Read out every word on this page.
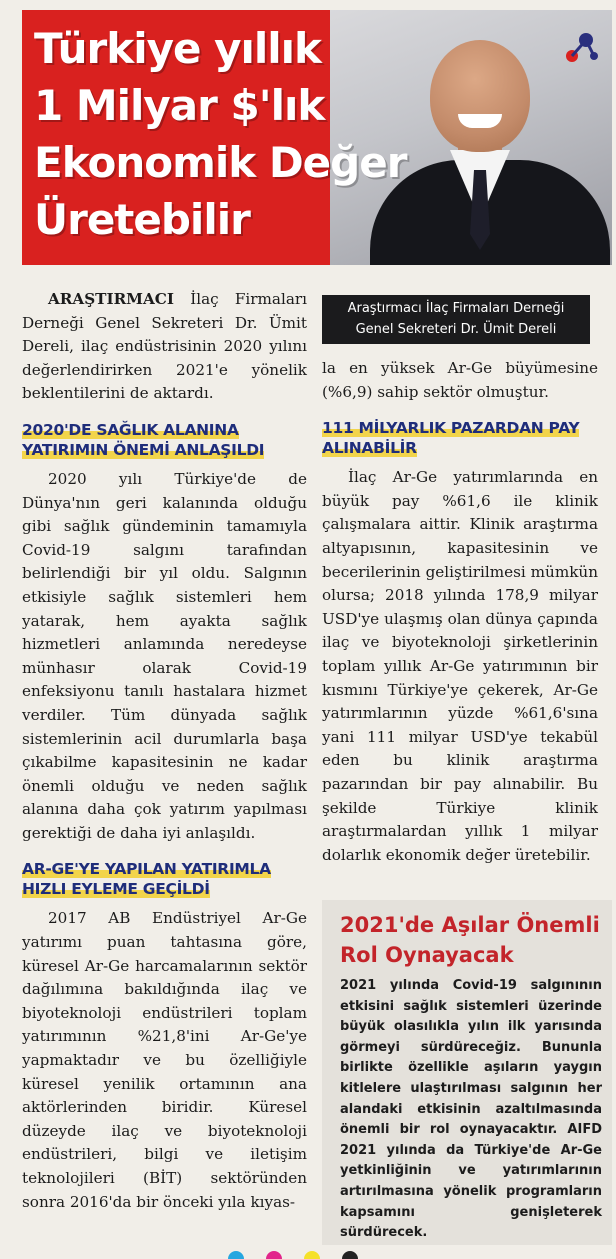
Türkiye yıllık
1 Milyar $'lık
Ekonomik Değer
Üretebilir
Araştırmacı İlaç Firmaları Derneği
Genel Sekreteri Dr. Ümit Dereli

ARAŞTIRMACI İlaç Firmaları Derneği Genel Sekreteri Dr. Ümit Dereli, ilaç endüstrisinin 2020 yılını değerlendirirken 2021'e yönelik beklentilerini de aktardı.

2020'DE SAĞLIK ALANINA YATIRIMIN ÖNEMİ ANLAŞILDI

2020 yılı Türkiye'de de Dünya'nın geri kalanında olduğu gibi sağlık gündeminin tamamıyla Covid-19 salgını tarafından belirlendiği bir yıl oldu. Salgının etkisiyle sağlık sistemleri hem yatarak, hem ayakta sağlık hizmetleri anlamında neredeyse münhasır olarak Covid-19 enfeksiyonu tanılı hastalara hizmet verdiler. Tüm dünyada sağlık sistemlerinin acil durumlarla başa çıkabilme kapasitesinin ne kadar önemli olduğu ve neden sağlık alanına daha çok yatırım yapılması gerektiği de daha iyi anlaşıldı.

AR-GE'YE YAPILAN YATIRIMLA HIZLI EYLEME GEÇİLDİ

2017 AB Endüstriyel Ar-Ge yatırımı puan tahtasına göre, küresel Ar-Ge harcamalarının sektör dağılımına bakıldığında ilaç ve biyoteknoloji endüstrileri toplam yatırımının %21,8'ini Ar-Ge'ye yapmaktadır ve bu özelliğiyle küresel yenilik ortamının ana aktörlerinden biridir. Küresel düzeyde ilaç ve biyoteknoloji endüstrileri, bilgi ve iletişim teknolojileri (BİT) sektöründen sonra 2016'da bir önceki yıla kıyas-

la en yüksek Ar-Ge büyümesine (%6,9) sahip sektör olmuştur.

111 MİLYARLIK PAZARDAN PAY ALINABİLİR

İlaç Ar-Ge yatırımlarında en büyük pay %61,6 ile klinik çalışmalara aittir. Klinik araştırma altyapısının, kapasitesinin ve becerilerinin geliştirilmesi mümkün olursa; 2018 yılında 178,9 milyar USD'ye ulaşmış olan dünya çapında ilaç ve biyoteknoloji şirketlerinin toplam yıllık Ar-Ge yatırımının bir kısmını Türkiye'ye çekerek, Ar-Ge yatırımlarının yüzde %61,6'sına yani 111 milyar USD'ye tekabül eden bu klinik araştırma pazarından bir pay alınabilir. Bu şekilde Türkiye klinik araştırmalardan yıllık 1 milyar dolarlık ekonomik değer üretebilir.

2021'de Aşılar Önemli Rol Oynayacak

2021 yılında Covid-19 salgınının etkisini sağlık sistemleri üzerinde büyük olasılıkla yılın ilk yarısında görmeyi sürdüreceğiz. Bununla birlikte özellikle aşıların yaygın kitlelere ulaştırılması salgının her alandaki etkisinin azaltılmasında önemli bir rol oynayacaktır. AIFD 2021 yılında da Türkiye'de Ar-Ge yetkinliğinin ve yatırımlarının artırılmasına yönelik programların kapsamını genişleterek sürdürecek.
